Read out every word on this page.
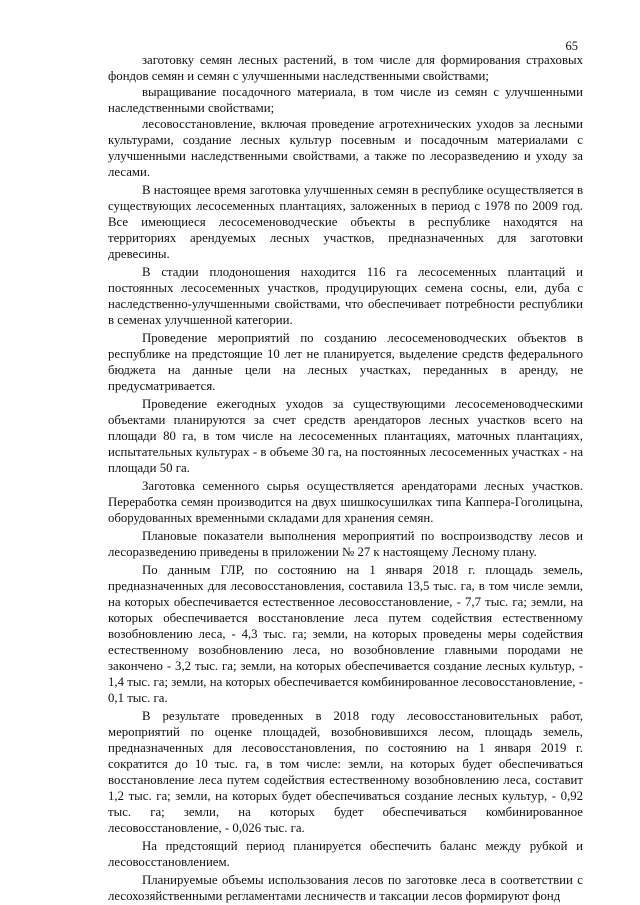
65

заготовку семян лесных растений, в том числе для формирования страховых фондов семян и семян с улучшенными наследственными свойствами;

выращивание посадочного материала, в том числе из семян с улучшенными наследственными свойствами;

лесовосстановление, включая проведение агротехнических уходов за лесными культурами, создание лесных культур посевным и посадочным материалами с улучшенными наследственными свойствами, а также по лесоразведению и уходу за лесами.

В настоящее время заготовка улучшенных семян в республике осуществляется в существующих лесосеменных плантациях, заложенных в период с 1978 по 2009 год. Все имеющиеся лесосеменоводческие объекты в республике находятся на территориях арендуемых лесных участков, предназначенных для заготовки древесины.

В стадии плодоношения находится 116 га лесосеменных плантаций и постоянных лесосеменных участков, продуцирующих семена сосны, ели, дуба с наследственно-улучшенными свойствами, что обеспечивает потребности республики в семенах улучшенной категории.

Проведение мероприятий по созданию лесосеменоводческих объектов в республике на предстоящие 10 лет не планируется, выделение средств федерального бюджета на данные цели на лесных участках, переданных в аренду, не предусматривается.

Проведение ежегодных уходов за существующими лесосеменоводческими объектами планируются за счет средств арендаторов лесных участков всего на площади 80 га, в том числе на лесосеменных плантациях, маточных плантациях, испытательных культурах - в объеме 30 га, на постоянных лесосеменных участках - на площади 50 га.

Заготовка семенного сырья осуществляется арендаторами лесных участков. Переработка семян производится на двух шишкосушилках типа Каппера-Гоголицына, оборудованных временными складами для хранения семян.

Плановые показатели выполнения мероприятий по воспроизводству лесов и лесоразведению приведены в приложении № 27 к настоящему Лесному плану.

По данным ГЛР, по состоянию на 1 января 2018 г. площадь земель, предназначенных для лесовосстановления, составила 13,5 тыс. га, в том числе земли, на которых обеспечивается естественное лесовосстановление, - 7,7 тыс. га; земли, на которых обеспечивается восстановление леса путем содействия естественному возобновлению леса, - 4,3 тыс. га; земли, на которых проведены меры содействия естественному возобновлению леса, но возобновление главными породами не закончено - 3,2 тыс. га; земли, на которых обеспечивается создание лесных культур, - 1,4 тыс. га; земли, на которых обеспечивается комбинированное лесовосстановление, - 0,1 тыс. га.

В результате проведенных в 2018 году лесовосстановительных работ, мероприятий по оценке площадей, возобновившихся лесом, площадь земель, предназначенных для лесовосстановления, по состоянию на 1 января 2019 г. сократится до 10 тыс. га, в том числе: земли, на которых будет обеспечиваться восстановление леса путем содействия естественному возобновлению леса, составит 1,2 тыс. га; земли, на которых будет обеспечиваться создание лесных культур, - 0,92 тыс. га; земли, на которых будет обеспечиваться комбинированное лесовосстановление, - 0,026 тыс. га.

На предстоящий период планируется обеспечить баланс между рубкой и лесовосстановлением.

Планируемые объемы использования лесов по заготовке леса в соответствии с лесохозяйственными регламентами лесничеств и таксации лесов формируют фонд
